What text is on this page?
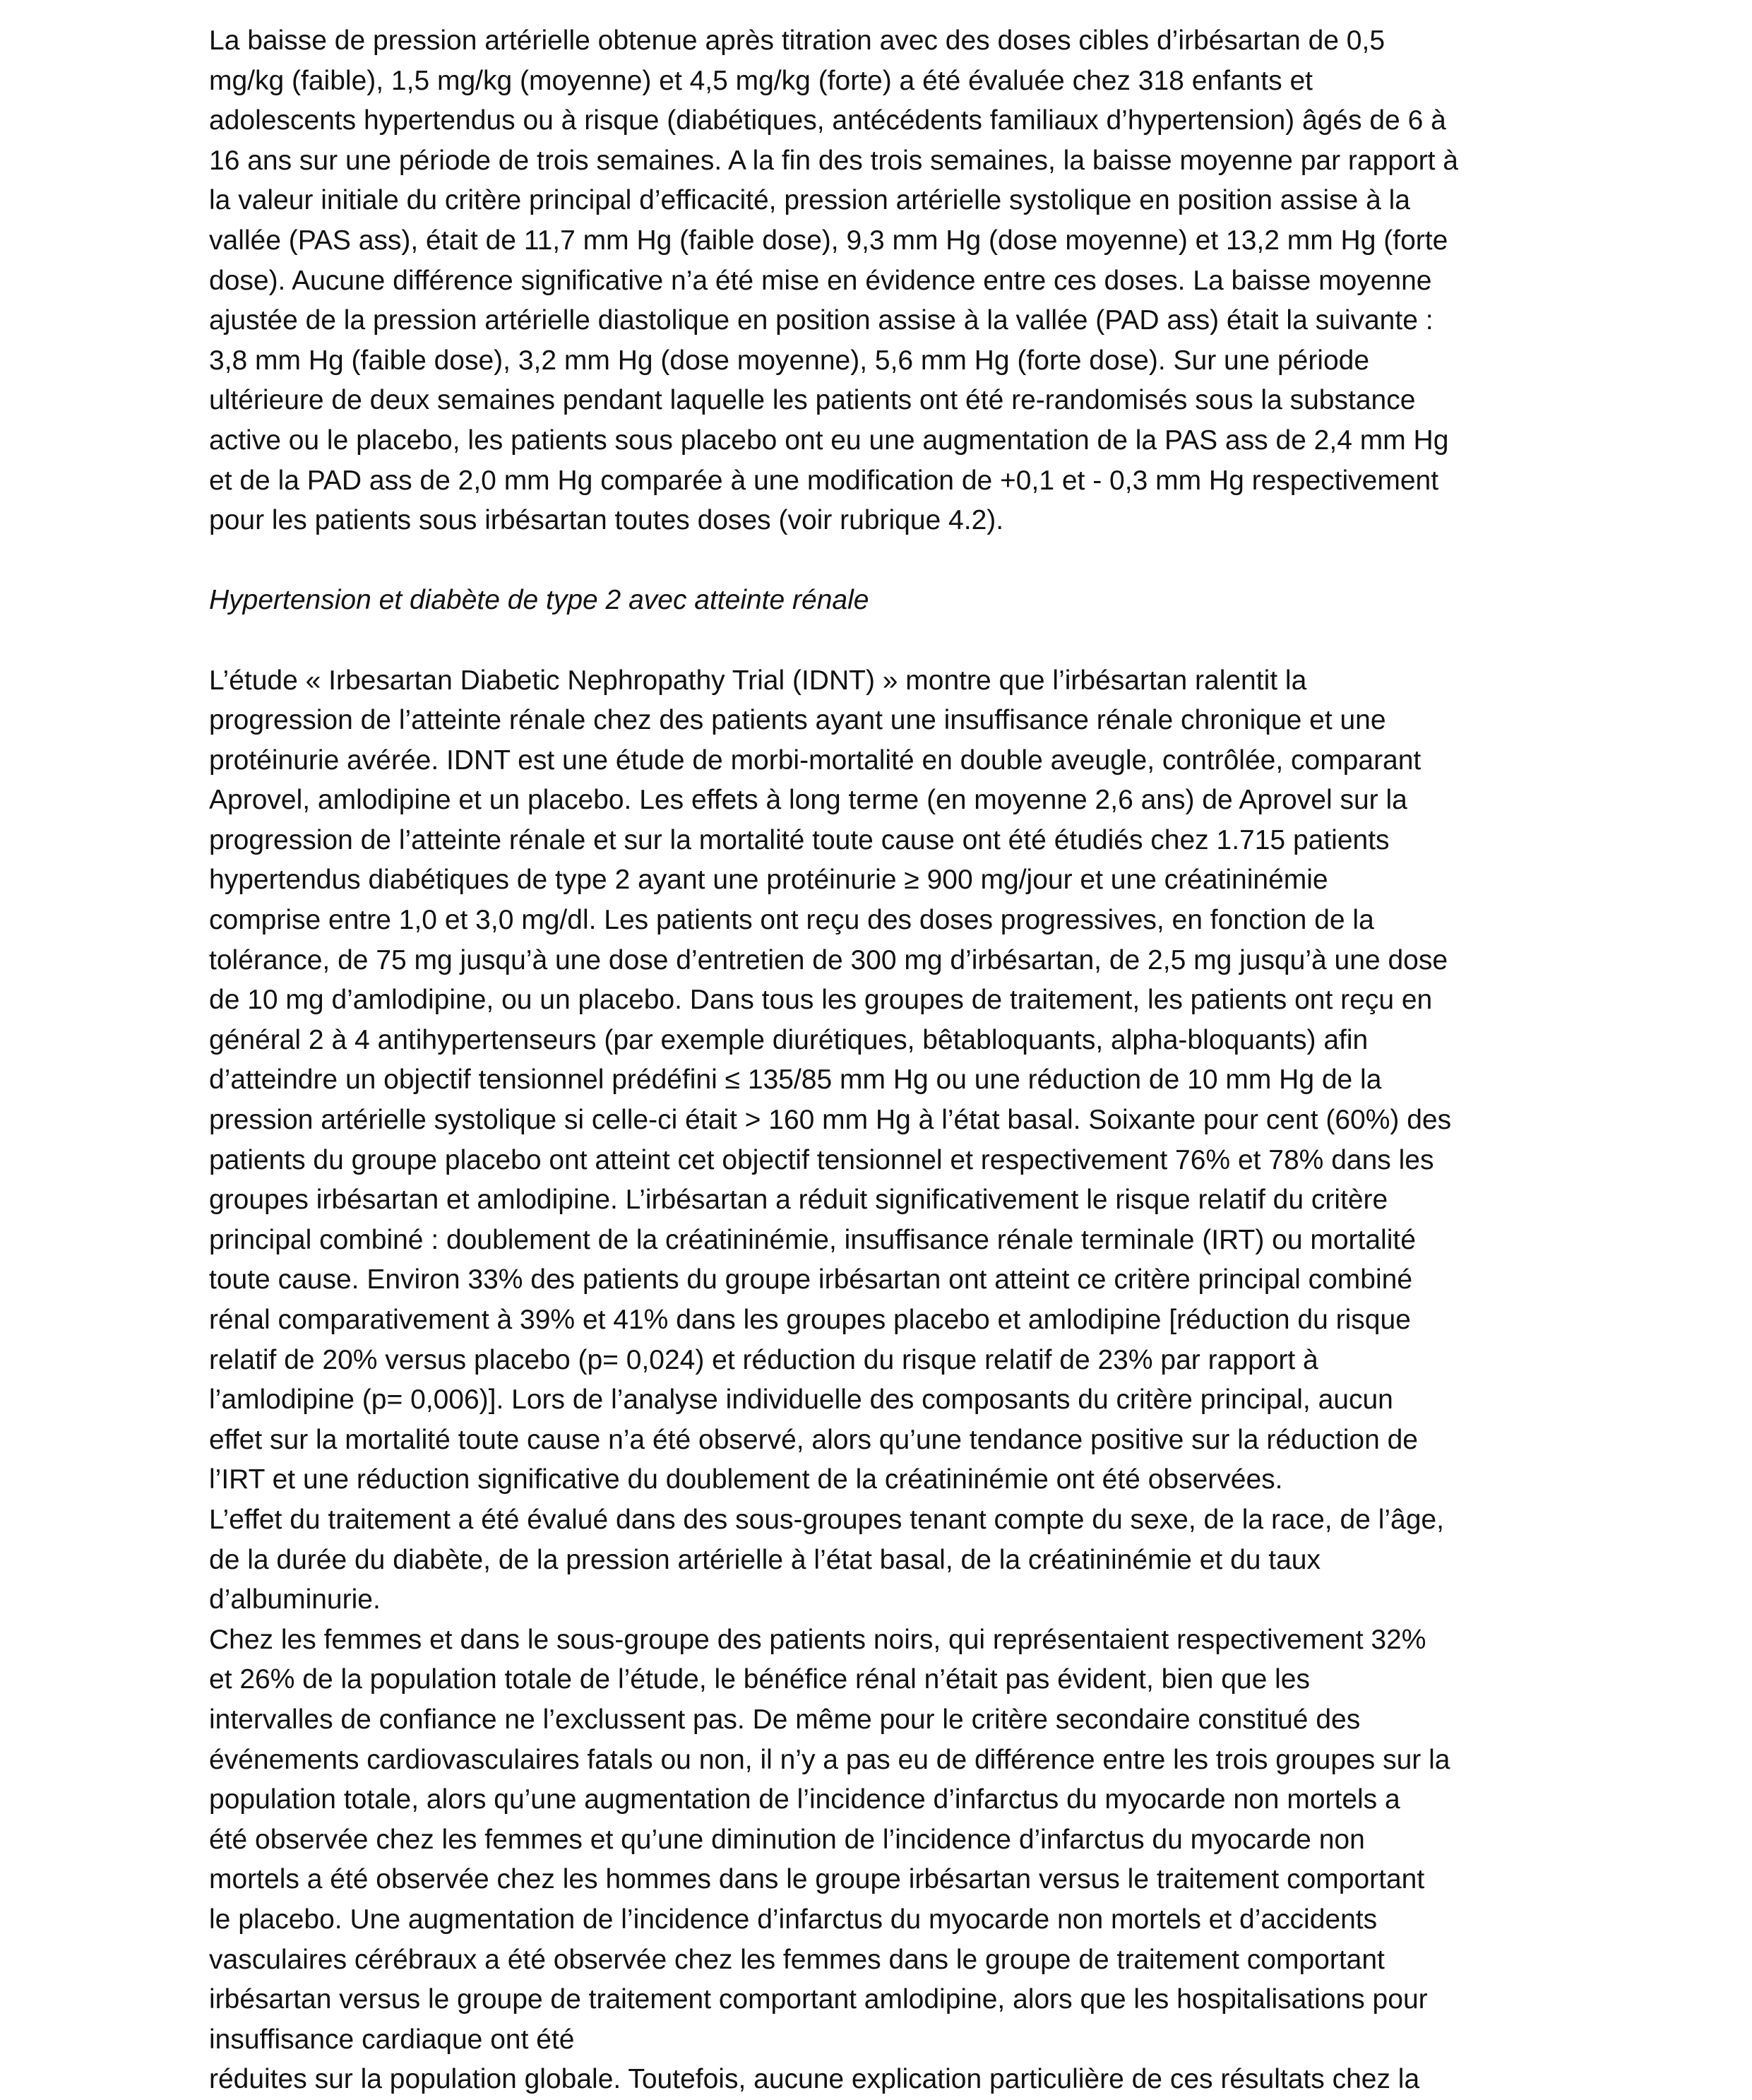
La baisse de pression artérielle obtenue après titration avec des doses cibles d’irbésartan de 0,5

mg/kg (faible), 1,5 mg/kg (moyenne) et 4,5 mg/kg (forte) a été évaluée chez 318 enfants et

adolescents hypertendus ou à risque (diabétiques, antécédents familiaux d’hypertension) âgés de 6 à

16 ans sur une période de trois semaines. A la fin des trois semaines, la baisse moyenne par rapport à

la valeur initiale du critère principal d’efficacité, pression artérielle systolique en position assise à la

vallée (PAS ass), était de 11,7 mm Hg (faible dose), 9,3 mm Hg (dose moyenne) et 13,2 mm Hg (forte

dose). Aucune différence significative n’a été mise en évidence entre ces doses. La baisse moyenne

ajustée de la pression artérielle diastolique en position assise à la vallée (PAD ass) était la suivante :

3,8 mm Hg (faible dose), 3,2 mm Hg (dose moyenne), 5,6 mm Hg (forte dose). Sur une période

ultérieure de deux semaines pendant laquelle les patients ont été re-randomisés sous la substance

active ou le placebo, les patients sous placebo ont eu une augmentation de la PAS ass de 2,4 mm Hg

et de la PAD ass de 2,0 mm Hg comparée à une modification de +0,1 et - 0,3 mm Hg respectivement

pour les patients sous irbésartan toutes doses (voir rubrique 4.2).

Hypertension et diabète de type 2 avec atteinte rénale

L’étude « Irbesartan Diabetic Nephropathy Trial (IDNT) » montre que l’irbésartan ralentit la

progression de l’atteinte rénale chez des patients ayant une insuffisance rénale chronique et une

protéinurie avérée. IDNT est une étude de morbi-mortalité en double aveugle, contrôlée, comparant

Aprovel, amlodipine et un placebo. Les effets à long terme (en moyenne 2,6 ans) de Aprovel sur la

progression de l’atteinte rénale et sur la mortalité toute cause ont été étudiés chez 1.715 patients

hypertendus diabétiques de type 2 ayant une protéinurie ≥ 900 mg/jour et une créatininémie

comprise entre 1,0 et 3,0 mg/dl. Les patients ont reçu des doses progressives, en fonction de la

tolérance, de 75 mg jusqu’à une dose d’entretien de 300 mg d’irbésartan, de 2,5 mg jusqu’à une dose

de 10 mg d’amlodipine, ou un placebo. Dans tous les groupes de traitement, les patients ont reçu en

général 2 à 4 antihypertenseurs (par exemple diurétiques, bêtabloquants, alpha-bloquants) afin

d’atteindre un objectif tensionnel prédéfini ≤ 135/85 mm Hg ou une réduction de 10 mm Hg de la

pression artérielle systolique si celle-ci était > 160 mm Hg à l’état basal. Soixante pour cent (60%) des

patients du groupe placebo ont atteint cet objectif tensionnel et respectivement 76% et 78% dans les

groupes irbésartan et amlodipine. L’irbésartan a réduit significativement le risque relatif du critère

principal combiné : doublement de la créatininémie, insuffisance rénale terminale (IRT) ou mortalité

toute cause. Environ 33% des patients du groupe irbésartan ont atteint ce critère principal combiné

rénal comparativement à 39% et 41% dans les groupes placebo et amlodipine [réduction du risque

relatif de 20% versus placebo (p= 0,024) et réduction du risque relatif de 23% par rapport à

l’amlodipine (p= 0,006)]. Lors de l’analyse individuelle des composants du critère principal, aucun

effet sur la mortalité toute cause n’a été observé, alors qu’une tendance positive sur la réduction de

l’IRT et une réduction significative du doublement de la créatininémie ont été observées.

L’effet du traitement a été évalué dans des sous-groupes tenant compte du sexe, de la race, de l’âge,

de la durée du diabète, de la pression artérielle à l’état basal, de la créatininémie et du taux

d’albuminurie.

Chez les femmes et dans le sous-groupe des patients noirs, qui représentaient respectivement 32%

et 26% de la population totale de l’étude, le bénéfice rénal n’était pas évident, bien que les

intervalles de confiance ne l’exclussent pas. De même pour le critère secondaire constitué des

événements cardiovasculaires fatals ou non, il n’y a pas eu de différence entre les trois groupes sur la

population totale, alors qu’une augmentation de l’incidence d’infarctus du myocarde non mortels a

été observée chez les femmes et qu’une diminution de l’incidence d’infarctus du myocarde non

mortels a été observée chez les hommes dans le groupe irbésartan versus le traitement comportant

le placebo. Une augmentation de l’incidence d’infarctus du myocarde non mortels et d’accidents

vasculaires cérébraux a été observée chez les femmes dans le groupe de traitement comportant

irbésartan versus le groupe de traitement comportant amlodipine, alors que les hospitalisations pour

insuffisance cardiaque ont été

réduites sur la population globale. Toutefois, aucune explication particulière de ces résultats chez la
